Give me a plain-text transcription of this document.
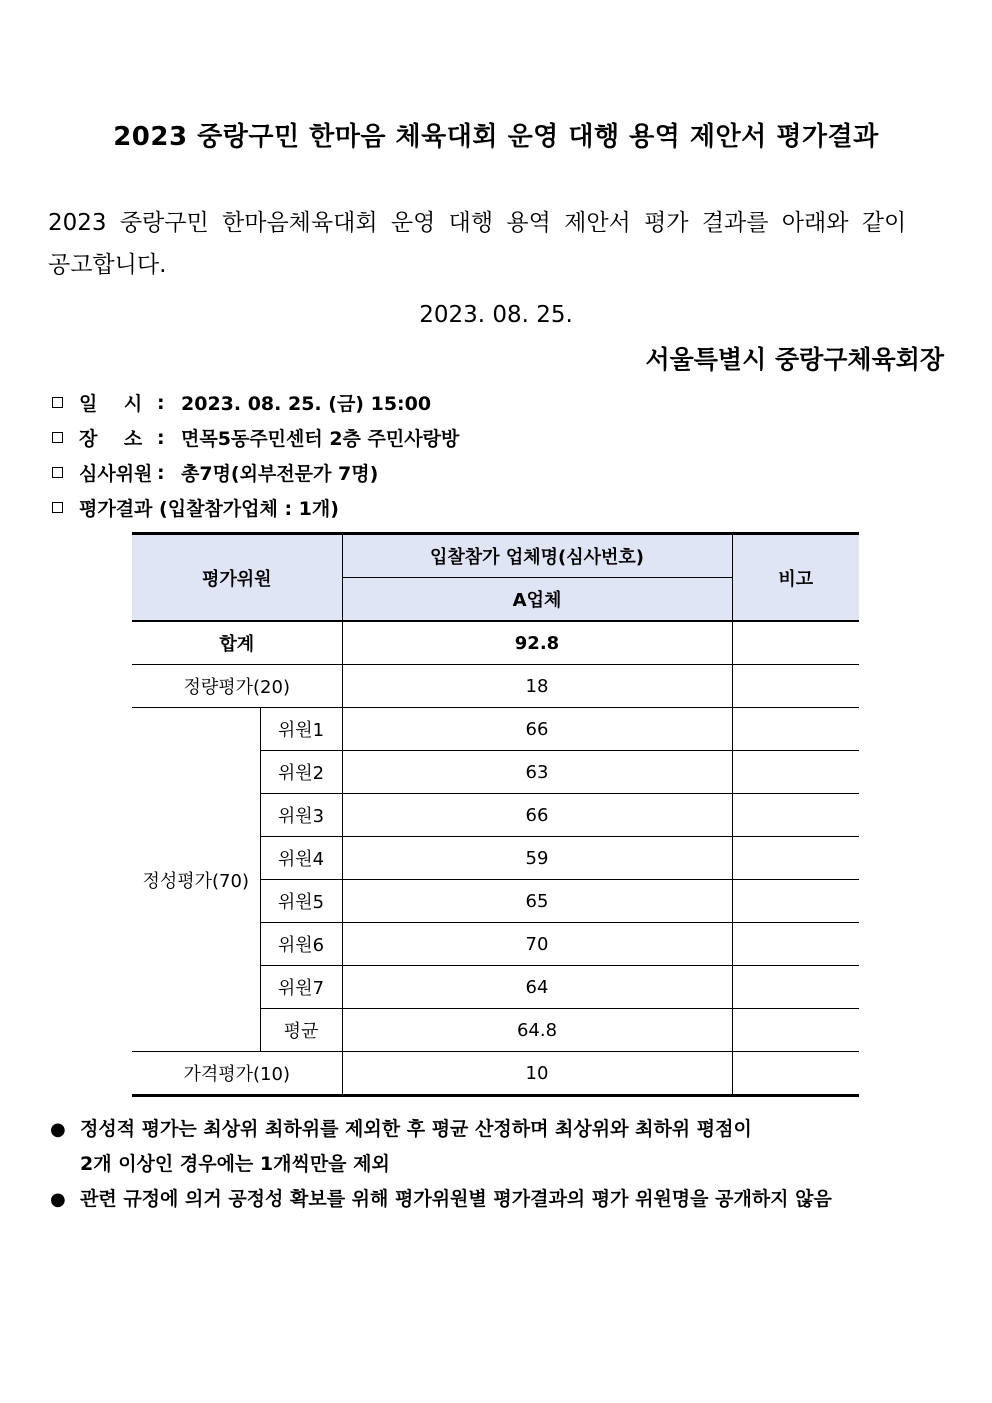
2023 중랑구민 한마음 체육대회 운영 대행 용역 제안서 평가결과
2023 중랑구민 한마음체육대회 운영 대행 용역 제안서 평가 결과를 아래와 같이 공고합니다.
2023. 08. 25.
서울특별시 중랑구체육회장
일    시 : 2023. 08. 25. (금) 15:00
장    소 : 면목5동주민센터 2층 주민사랑방
심사위원 : 총7명(외부전문가 7명)
평가결과 (입찰참가업체 : 1개)
평가위원		입찰참가 업체명(심사번호)	비고
		A업체	
합계		92.8	
정량평가(20)		18	
정성평가(70)	위원1	66	
	위원2	63	
	위원3	66	
	위원4	59	
	위원5	65	
	위원6	70	
	위원7	64	
	평균	64.8	
가격평가(10)		10	
● 정성적 평가는 최상위 최하위를 제외한 후 평균 산정하며 최상위와 최하위 평점이
2개 이상인 경우에는 1개씩만을 제외
● 관련 규정에 의거 공정성 확보를 위해 평가위원별 평가결과의 평가 위원명을 공개하지 않음
